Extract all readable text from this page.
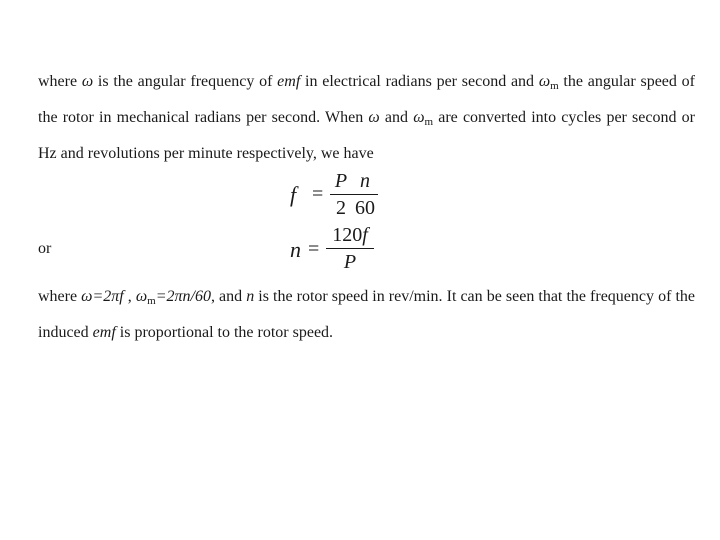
where ω is the angular frequency of emf in electrical radians per second and $\omega_m$ the angular speed of the rotor in mechanical radians per second. When ω and $\omega_m$ are converted into cycles per second or Hz and revolutions per minute respectively, we have

f =
P
2
n
60
or	n =
120f
P

where ω=2πf , $\omega_m=2\pi n/60$, and n is the rotor speed in rev/min. It can be seen that the frequency of the induced emf is proportional to the rotor speed.
